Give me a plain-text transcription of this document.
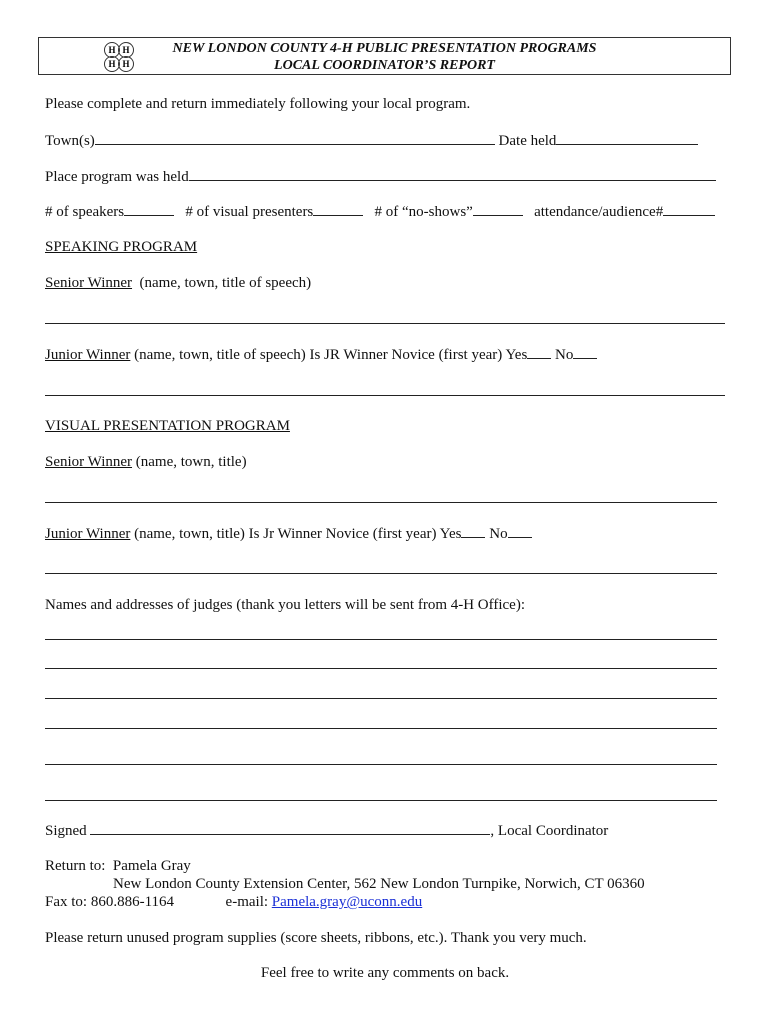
H H
H H
NEW LONDON COUNTY 4-H PUBLIC PRESENTATION PROGRAMS
LOCAL COORDINATOR’S REPORT
Please complete and return immediately following your local program.
Town(s)	Date held
Place program was held
# of speakers	# of visual presenters	# of “no-shows”	attendance/audience#
SPEAKING PROGRAM
Senior Winner (name, town, title of speech)
Junior Winner (name, town, title of speech) Is JR Winner Novice (first year) Yes No
VISUAL PRESENTATION PROGRAM
Senior Winner (name, town, title)
Junior Winner (name, town, title) Is Jr Winner Novice (first year) Yes No
Names and addresses of judges (thank you letters will be sent from 4-H Office):
Signed	, Local Coordinator
Return to: Pamela Gray
New London County Extension Center, 562 New London Turnpike, Norwich, CT 06360
Fax to: 860.886-1164	e-mail: Pamela.gray@uconn.edu
Please return unused program supplies (score sheets, ribbons, etc.). Thank you very much.
Feel free to write any comments on back.
